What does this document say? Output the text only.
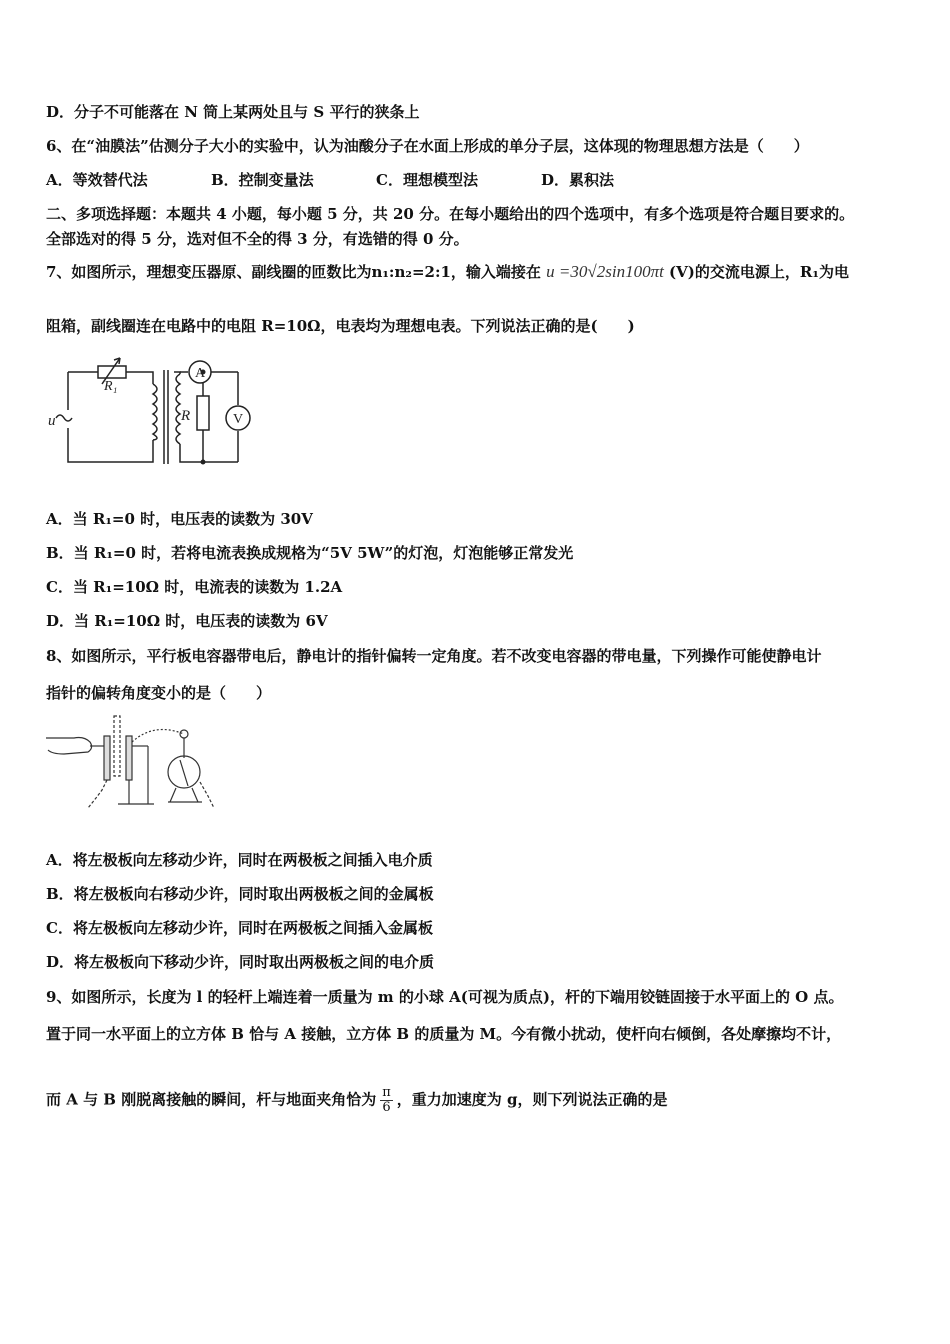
D．分子不可能落在 N 筒上某两处且与 S 平行的狭条上
6、在“油膜法”估测分子大小的实验中，认为油酸分子在水面上形成的单分子层，这体现的物理思想方法是（　　）
A．等效替代法	B．控制变量法	C．理想模型法	D．累积法
二、多项选择题：本题共 4 小题，每小题 5 分，共 20 分。在每小题给出的四个选项中，有多个选项是符合题目要求的。
全部选对的得 5 分，选对但不全的得 3 分，有选错的得 0 分。
7、如图所示，理想变压器原、副线圈的匝数比为n₁:n₂=2:1，输入端接在 u =30√2sin100πt (V)的交流电源上，R₁为电
阻箱，副线圈连在电路中的电阻 R=10Ω，电表均为理想电表。下列说法正确的是(　　)
R₁
A
R	V
u
A．当 R₁=0 时，电压表的读数为 30V
B．当 R₁=0 时，若将电流表换成规格为“5V 5W”的灯泡，灯泡能够正常发光
C．当 R₁=10Ω 时，电流表的读数为 1.2A
D．当 R₁=10Ω 时，电压表的读数为 6V
8、如图所示，平行板电容器带电后，静电计的指针偏转一定角度。若不改变电容器的带电量，下列操作可能使静电计
指针的偏转角度变小的是（　　）
A．将左极板向左移动少许，同时在两极板之间插入电介质
B．将左极板向右移动少许，同时取出两极板之间的金属板
C．将左极板向左移动少许，同时在两极板之间插入金属板
D．将左极板向下移动少许，同时取出两极板之间的电介质
9、如图所示，长度为 l 的轻杆上端连着一质量为 m 的小球 A(可视为质点)，杆的下端用铰链固接于水平面上的 O 点。
置于同一水平面上的立方体 B 恰与 A 接触，立方体 B 的质量为 M。今有微小扰动，使杆向右倾倒，各处摩擦均不计，
而 A 与 B 刚脱离接触的瞬间，杆与地面夹角恰为 $\frac{\pi}{6}$ ，重力加速度为 g，则下列说法正确的是
